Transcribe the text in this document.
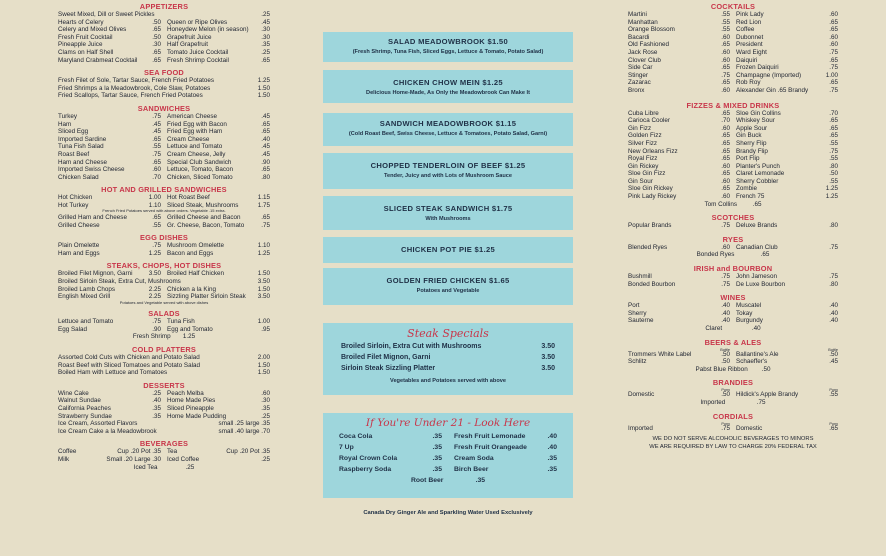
APPETIZERS
Sweet Mixed, Dill or Sweet Pickles	.25
Hearts of Celery	.50 Queen or Ripe Olives	.45
Celery and Mixed Olives	.65 Honeydew Melon (in season)	.30
Fresh Fruit Cocktail	.50 Grapefruit Juice	.30
Pineapple Juice	.30 Half Grapefruit	.35
Clams on Half Shell	.65 Tomato Juice Cocktail	.25
Maryland Crabmeat Cocktail	.65 Fresh Shrimp Cocktail	.65
SEA FOOD
Fresh Filet of Sole, Tartar Sauce, French Fried Potatoes	1.25
Fried Shrimps a la Meadowbrook, Cole Slaw, Potatoes	1.50
Fried Scallops, Tartar Sauce, French Fried Potatoes	1.50
SANDWICHES
Turkey	.75 American Cheese	.45
Ham	.45 Fried Egg with Bacon	.65
Sliced Egg	.45 Fried Egg with Ham	.65
Imported Sardine	.65 Cream Cheese	.40
Tuna Fish Salad	.55 Lettuce and Tomato	.45
Roast Beef	.75 Cream Cheese, Jelly	.45
Ham and Cheese	.65 Special Club Sandwich	.90
Imported Swiss Cheese	.60 Lettuce, Tomato, Bacon	.65
Chicken Salad	.70 Chicken, Sliced Tomato	.80
HOT AND GRILLED SANDWICHES
Hot Chicken	1.00 Hot Roast Beef	1.15
Hot Turkey	1.10 Sliced Steak, Mushrooms	1.75
French Fried Potatoes served with above orders. Vegetable .15 extra.
Grilled Ham and Cheese	.65 Grilled Cheese and Bacon	.65
Grilled Cheese	.55 Gr. Cheese, Bacon, Tomato	.75
EGG DISHES
Plain Omelette	.75 Mushroom Omelette	1.10
Ham and Eggs	1.25 Bacon and Eggs	1.25
STEAKS, CHOPS, HOT DISHES
Broiled Filet Mignon, Garni	3.50 Broiled Half Chicken	1.50
Broiled Sirloin Steak, Extra Cut, Mushrooms	3.50
Broiled Lamb Chops	2.25 Chicken a la King	1.50
English Mixed Grill	2.25 Sizzling Platter Sirloin Steak	3.50
Potatoes and Vegetable served with above dishes
SALADS
Lettuce and Tomato	.75 Tuna Fish	1.00
Egg Salad	.90 Egg and Tomato	.95
Fresh Shrimp 1.25
COLD PLATTERS
Assorted Cold Cuts with Chicken and Potato Salad	2.00
Roast Beef with Sliced Tomatoes and Potato Salad	1.50
Boiled Ham with Lettuce and Tomatoes	1.50
DESSERTS
Wine Cake	.25 Peach Melba	.60
Walnut Sundae	.40 Home Made Pies	.30
California Peaches	.35 Sliced Pineapple	.35
Strawberry Sundae	.35 Home Made Pudding	.25
Ice Cream, Assorted Flavors	small .25 large .35
Ice Cream Cake a la Meadowbrook	small .40 large .70
BEVERAGES
Coffee	Cup .20 Pot .35 Tea	Cup .20 Pot .35
Milk	Small .20 Large .30 Iced Coffee	.25
Iced Tea	.25
SALAD MEADOWBROOK $1.50
(Fresh Shrimp, Tuna Fish, Sliced Eggs, Lettuce & Tomato, Potato Salad)
CHICKEN CHOW MEIN $1.25
Delicious Home-Made, As Only the Meadowbrook Can Make It
SANDWICH MEADOWBROOK $1.15
(Cold Roast Beef, Swiss Cheese, Lettuce & Tomatoes, Potato Salad, Garni)
CHOPPED TENDERLOIN OF BEEF $1.25
Tender, Juicy and with Lots of Mushroom Sauce
SLICED STEAK SANDWICH $1.75
With Mushrooms
CHICKEN POT PIE $1.25
GOLDEN FRIED CHICKEN $1.65
Potatoes and Vegetable
Steak Specials
Broiled Sirloin, Extra Cut with Mushrooms	3.50
Broiled Filet Mignon, Garni	3.50
Sirloin Steak Sizzling Platter	3.50
Vegetables and Potatoes served with above
If You're Under 21 - Look Here
Coca Cola	.35 Fresh Fruit Lemonade	.40
7 Up	.35 Fresh Fruit Orangeade	.40
Royal Crown Cola	.35 Cream Soda	.35
Raspberry Soda	.35 Birch Beer	.35
Root Beer	.35
Canada Dry Ginger Ale and Sparkling Water Used Exclusively
COCKTAILS
Martini	.55 Pink Lady	.60
Manhattan	.55 Red Lion	.65
Orange Blossom	.55 Coffee	.65
Bacardi	.60 Dubonnet	.60
Old Fashioned	.65 President	.60
Jack Rose	.60 Ward Eight	.75
Clover Club	.60 Daiquiri	.65
Side Car	.65 Frozen Daiquiri	.75
Stinger	.75 Champagne (Imported)	1.00
Zazarac	.65 Rob Roy	.65
Bronx	.60 Alexander Gin .65 Brandy	.75
FIZZES & MIXED DRINKS
Cuba Libre	.65 Sloe Gin Collins	.70
Carioca Cooler	.70 Whiskey Sour	.65
Gin Fizz	.60 Apple Sour	.65
Golden Fizz	.65 Gin Buck	.65
Silver Fizz	.65 Sherry Flip	.55
New Orleans Fizz	.65 Brandy Flip	.75
Royal Fizz	.65 Port Flip	.55
Gin Rickey	.60 Planter's Punch	.80
Sloe Gin Fizz	.65 Claret Lemonade	.50
Gin Sour	.60 Sherry Cobbler	.55
Sloe Gin Rickey	.65 Zombie	1.25
Pink Lady Rickey	.60 French 75	1.25
Tom Collins	.65
SCOTCHES
Popular Brands	.75 Deluxe Brands	.80
RYES
Blended Ryes	.60 Canadian Club	.75
Bonded Ryes	.65
IRISH and BOURBON
Bushmill	.75 John Jameson	.75
Bonded Bourbon	.75 De Luxe Bourbon	.80
WINES
Port	.40 Muscatel	.40
Sherry	.40 Tokay	.40
Sauterne	.40 Burgundy	.40
Claret	.40
BEERS & ALES
Bottle	Bottle
Trommers White Label	.50 Ballantine's Ale	.50
Schlitz	.50 Schaeffer's	.45
Pabst Blue Ribbon .50
BRANDIES
Pony	Pony
Domestic	.50 Hildick's Apple Brandy	.55
Imported	.75
CORDIALS
Pony	Pony
Imported	.75 Domestic	.65
WE DO NOT SERVE ALCOHOLIC BEVERAGES TO MINORS
WE ARE REQUIRED BY LAW TO CHARGE 20% FEDERAL TAX
